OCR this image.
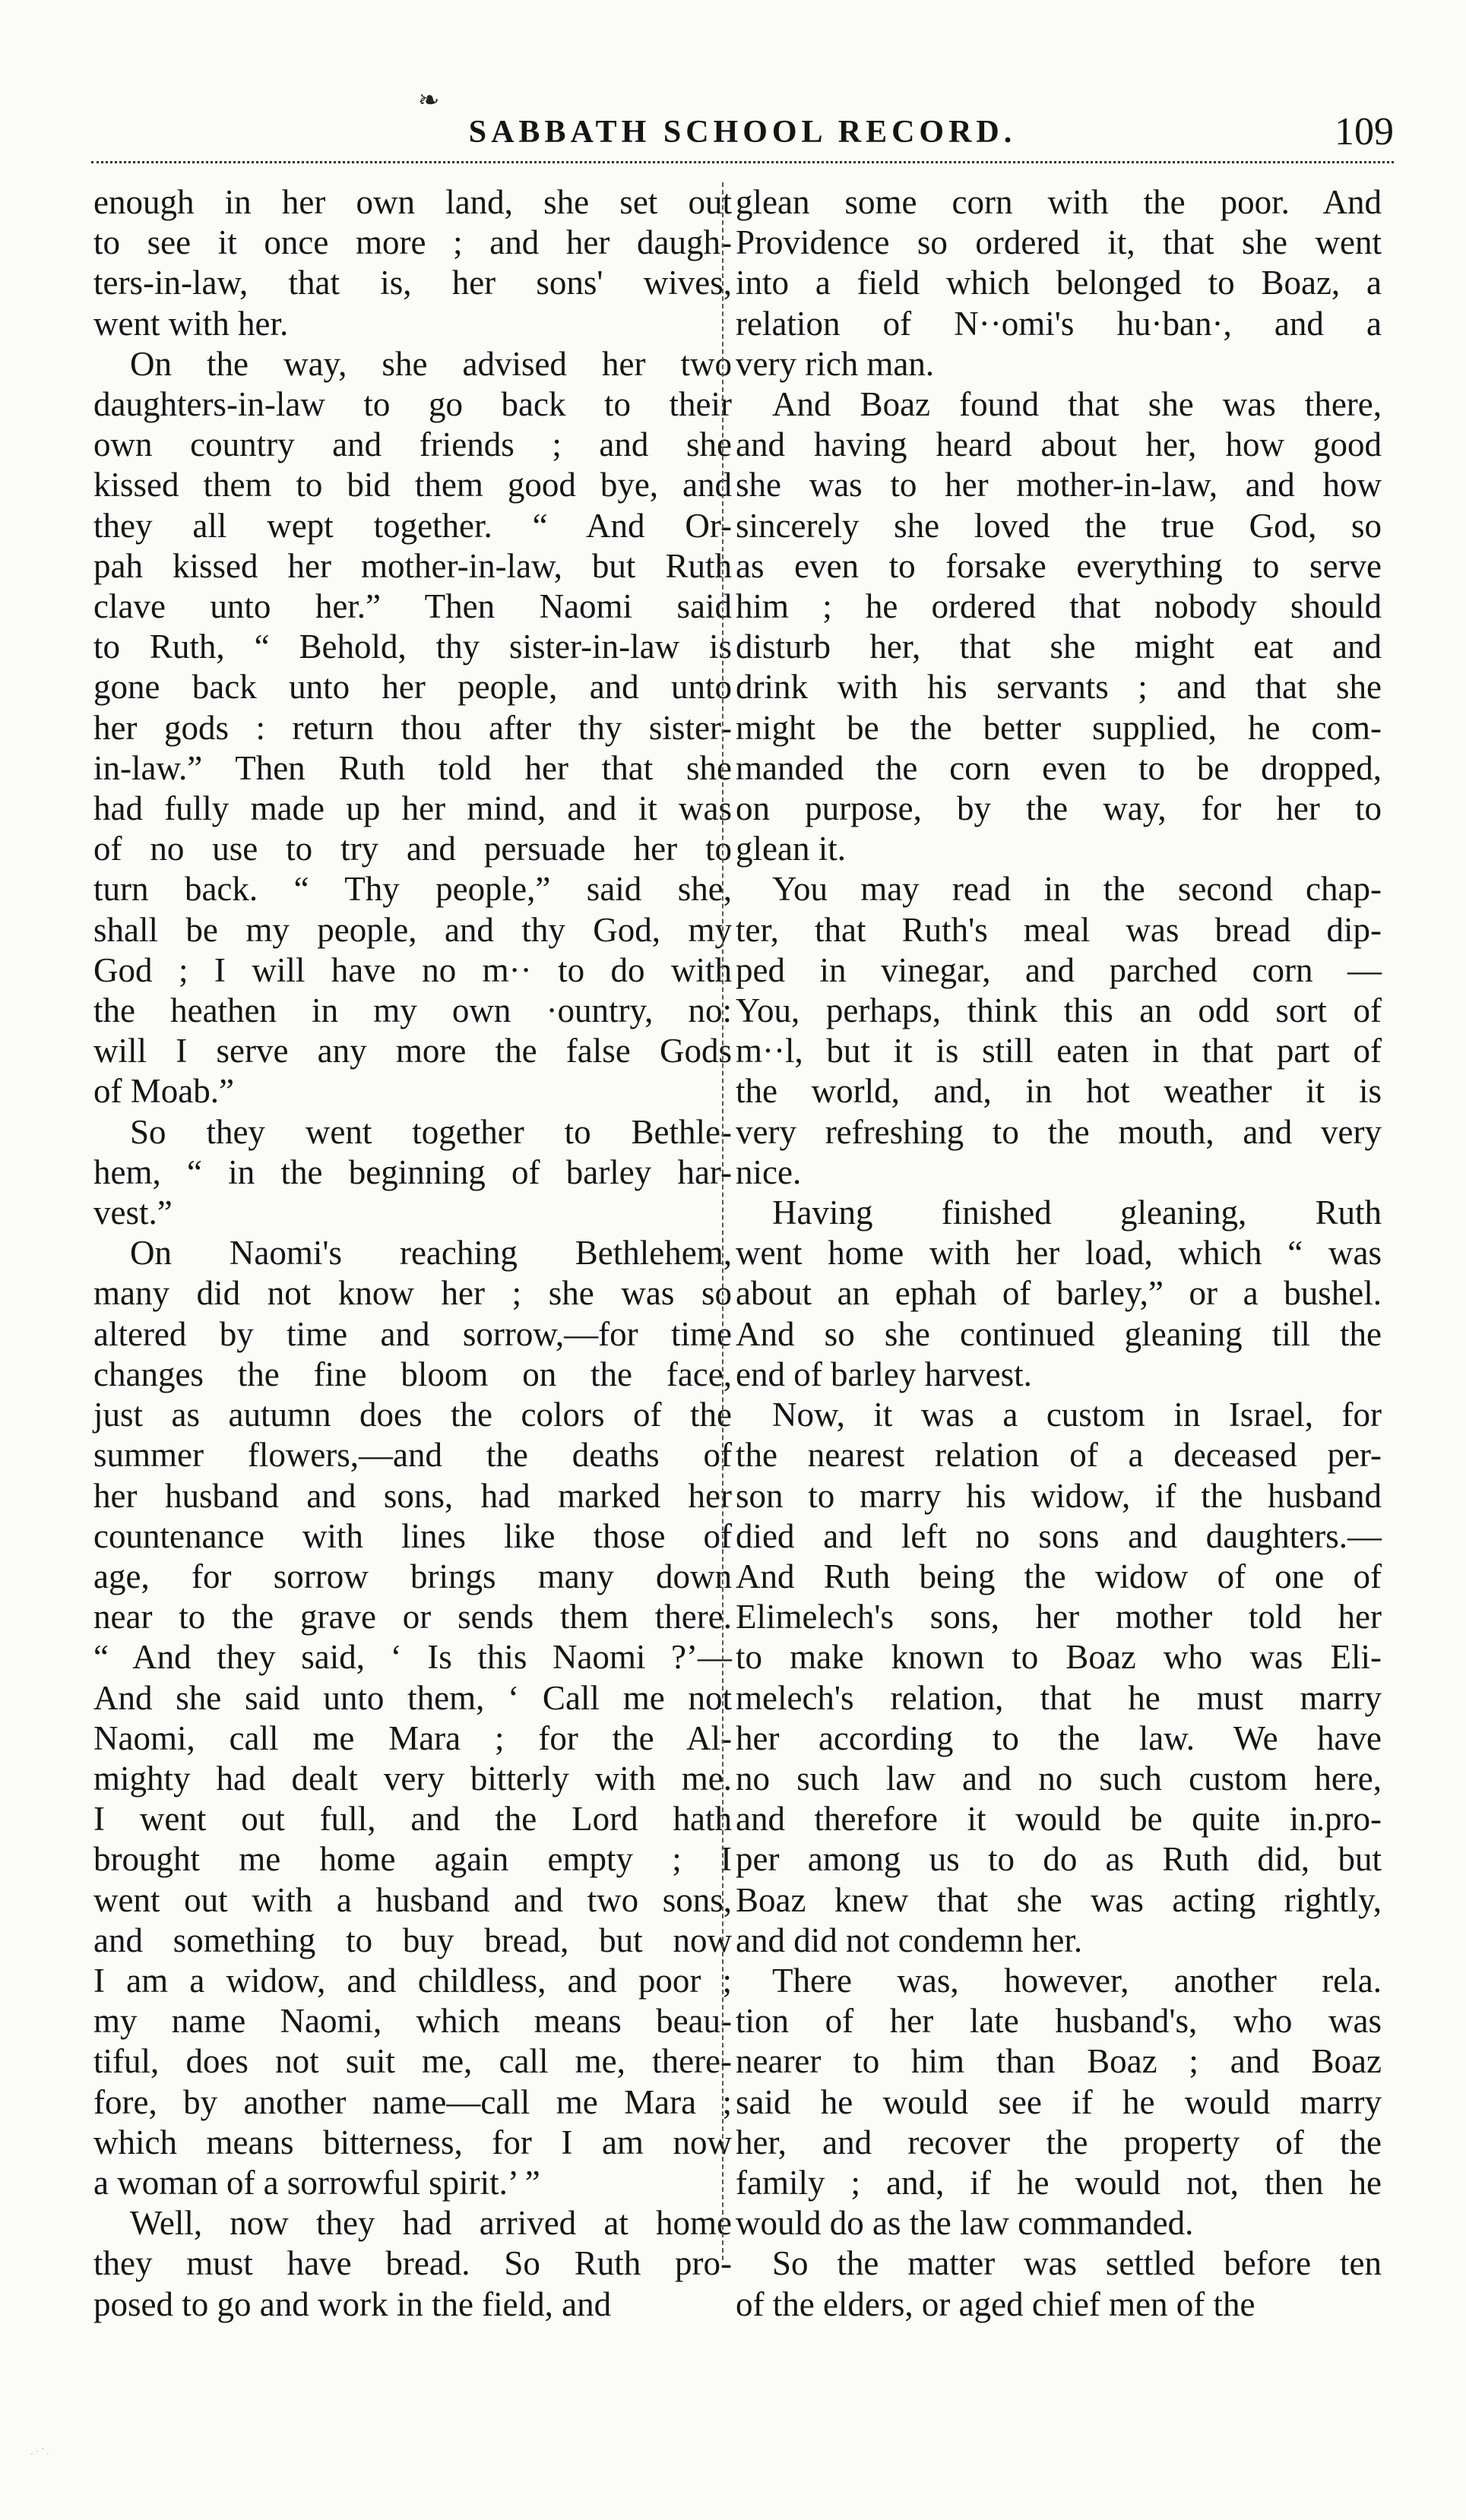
❧
SABBATH SCHOOL RECORD.	109
enough in her own land, she set out
to see it once more ; and her daugh-
ters-in-law, that is, her sons' wives,
went with her.
On the way, she advised her two
daughters-in-law to go back to their
own country and friends ; and she
kissed them to bid them good bye, and
they all wept together. “ And Or-
pah kissed her mother-in-law, but Ruth
clave unto her.” Then Naomi said
to Ruth, “ Behold, thy sister-in-law is
gone back unto her people, and unto
her gods : return thou after thy sister-
in-law.” Then Ruth told her that she
had fully made up her mind, and it was
of no use to try and persuade her to
turn back. “ Thy people,” said she,
shall be my people, and thy God, my
God ; I will have no m·· to do with
the heathen in my own ·ountry, no:
will I serve any more the false Gods
of Moab.”
So they went together to Bethle-
hem, “ in the beginning of barley har-
vest.”
On Naomi's reaching Bethlehem,
many did not know her ; she was so
altered by time and sorrow,—for time
changes the fine bloom on the face,
just as autumn does the colors of the
summer flowers,—and the deaths of
her husband and sons, had marked her
countenance with lines like those of
age, for sorrow brings many down
near to the grave or sends them there.
“ And they said, ‘ Is this Naomi ?’—
And she said unto them, ‘ Call me not
Naomi, call me Mara ; for the Al-
mighty had dealt very bitterly with me.
I went out full, and the Lord hath
brought me home again empty ; I
went out with a husband and two sons,
and something to buy bread, but now
I am a widow, and childless, and poor ;
my name Naomi, which means beau-
tiful, does not suit me, call me, there-
fore, by another name—call me Mara ;
which means bitterness, for I am now
a woman of a sorrowful spirit.’ ”
Well, now they had arrived at home
they must have bread. So Ruth pro-
posed to go and work in the field, and
glean some corn with the poor. And
Providence so ordered it, that she went
into a field which belonged to Boaz, a
relation of N··omi's hu·ban·, and a
very rich man.
And Boaz found that she was there,
and having heard about her, how good
she was to her mother-in-law, and how
sincerely she loved the true God, so
as even to forsake everything to serve
him ; he ordered that nobody should
disturb her, that she might eat and
drink with his servants ; and that she
might be the better supplied, he com-
manded the corn even to be dropped,
on purpose, by the way, for her to
glean it.
You may read in the second chap-
ter, that Ruth's meal was bread dip-
ped in vinegar, and parched corn —
You, perhaps, think this an odd sort of
m··l, but it is still eaten in that part of
the world, and, in hot weather it is
very refreshing to the mouth, and very
nice.
Having finished gleaning, Ruth
went home with her load, which “ was
about an ephah of barley,” or a bushel.
And so she continued gleaning till the
end of barley harvest.
Now, it was a custom in Israel, for
the nearest relation of a deceased per-
son to marry his widow, if the husband
died and left no sons and daughters.—
And Ruth being the widow of one of
Elimelech's sons, her mother told her
to make known to Boaz who was Eli-
melech's relation, that he must marry
her according to the law. We have
no such law and no such custom here,
and therefore it would be quite in.pro-
per among us to do as Ruth did, but
Boaz knew that she was acting rightly,
and did not condemn her.
There was, however, another rela.
tion of her late husband's, who was
nearer to him than Boaz ; and Boaz
said he would see if he would marry
her, and recover the property of the
family ; and, if he would not, then he
would do as the law commanded.
So the matter was settled before ten
of the elders, or aged chief men of the
. · ' .
